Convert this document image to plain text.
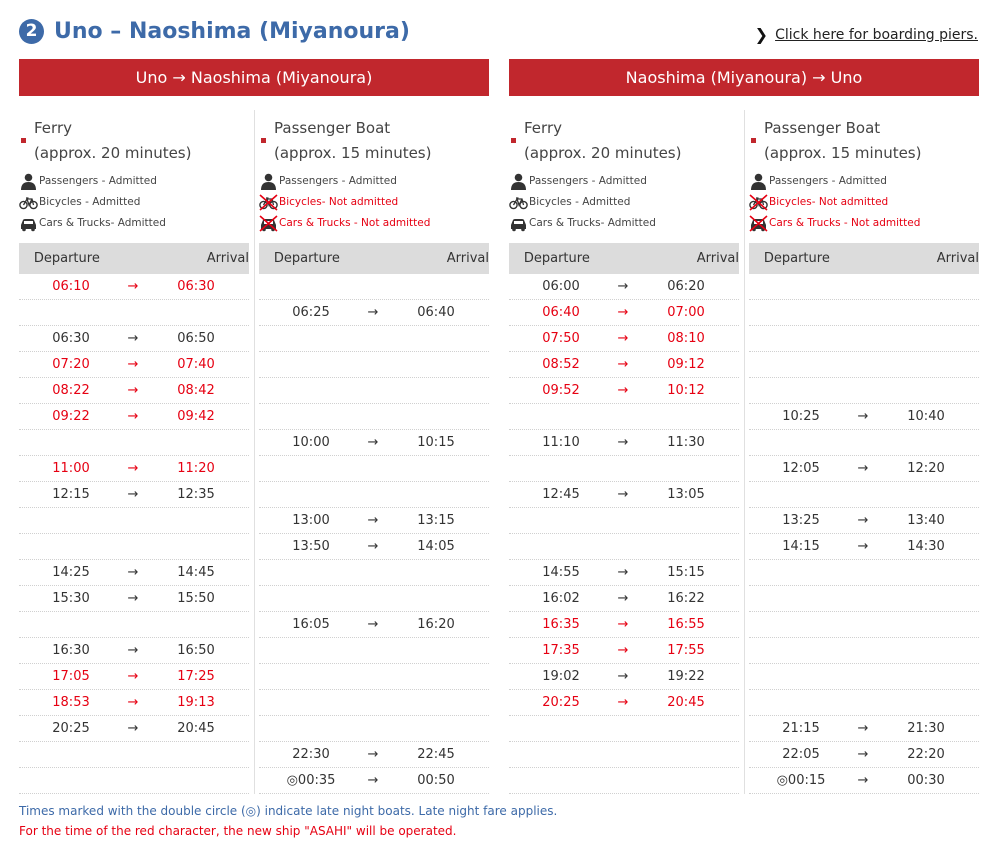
2 Uno – Naoshima (Miyanoura)	❯ Click here for boarding piers.
Uno → Naoshima (Miyanoura)	Naoshima (Miyanoura) → Uno
Ferry
(approx. 20 minutes)
Passengers - Admitted
Bicycles - Admitted
Cars & Trucks- Admitted
Departure	Arrival
06:10	→	06:30
06:30	→	06:50
07:20	→	07:40
08:22	→	08:42
09:22	→	09:42
11:00	→	11:20
12:15	→	12:35
14:25	→	14:45
15:30	→	15:50
16:30	→	16:50
17:05	→	17:25
18:53	→	19:13
20:25	→	20:45
Passenger Boat
(approx. 15 minutes)
Passengers - Admitted
Bicycles- Not admitted
Cars & Trucks - Not admitted
Departure	Arrival
06:25	→	06:40
10:00	→	10:15
13:00	→	13:15
13:50	→	14:05
16:05	→	16:20
22:30	→	22:45
◎00:35	→	00:50
Ferry
(approx. 20 minutes)
Passengers - Admitted
Bicycles - Admitted
Cars & Trucks- Admitted
Departure	Arrival
06:00	→	06:20
06:40	→	07:00
07:50	→	08:10
08:52	→	09:12
09:52	→	10:12
11:10	→	11:30
12:45	→	13:05
14:55	→	15:15
16:02	→	16:22
16:35	→	16:55
17:35	→	17:55
19:02	→	19:22
20:25	→	20:45
Passenger Boat
(approx. 15 minutes)
Passengers - Admitted
Bicycles- Not admitted
Cars & Trucks - Not admitted
Departure	Arrival
10:25	→	10:40
12:05	→	12:20
13:25	→	13:40
14:15	→	14:30
21:15	→	21:30
22:05	→	22:20
◎00:15	→	00:30
Times marked with the double circle (◎) indicate late night boats. Late night fare applies.
For the time of the red character, the new ship "ASAHI" will be operated.
